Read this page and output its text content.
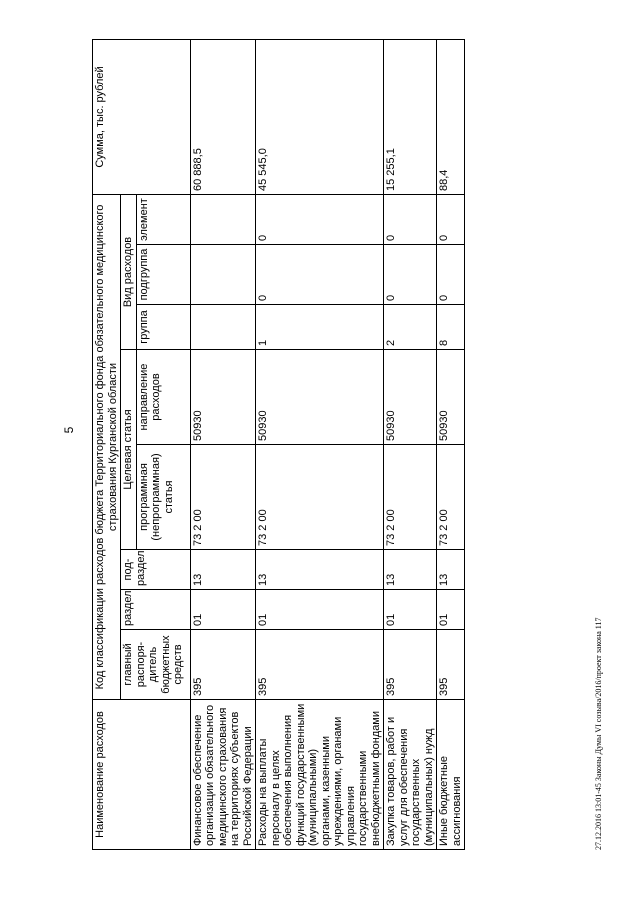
5
Наименование расходов	Код классификации расходов бюджета Территориального фонда обязательного медицинского страхования Курганской области								Сумма, тыс. рублей
	главный распоря-дитель бюджетных средств	раздел	под-раздел	Целевая статья		Вид расходов			
				программная (непрограммная) статья	направление расходов	группа	подгруппа	элемент	
Финансовое обеспечение организации обязательного медицинского страхования на территориях субъектов Российской Федерации	395	01	13	73 2 00	50930				60 888,5
Расходы на выплаты персоналу в целях обеспечения выполнения функций государственными (муниципальными) органами, казенными учреждениями, органами управления государственными внебюджетными фондами	395	01	13	73 2 00	50930	1	0	0	45 545,0
Закупка товаров, работ и услуг для обеспечения государственных (муниципальных) нужд	395	01	13	73 2 00	50930	2	0	0	15 255,1
Иные бюджетные ассигнования	395	01	13	73 2 00	50930	8	0	0	88,4
27.12.2016 13:01-45 Законы Думы VI созыва/2016/проект закона 117
